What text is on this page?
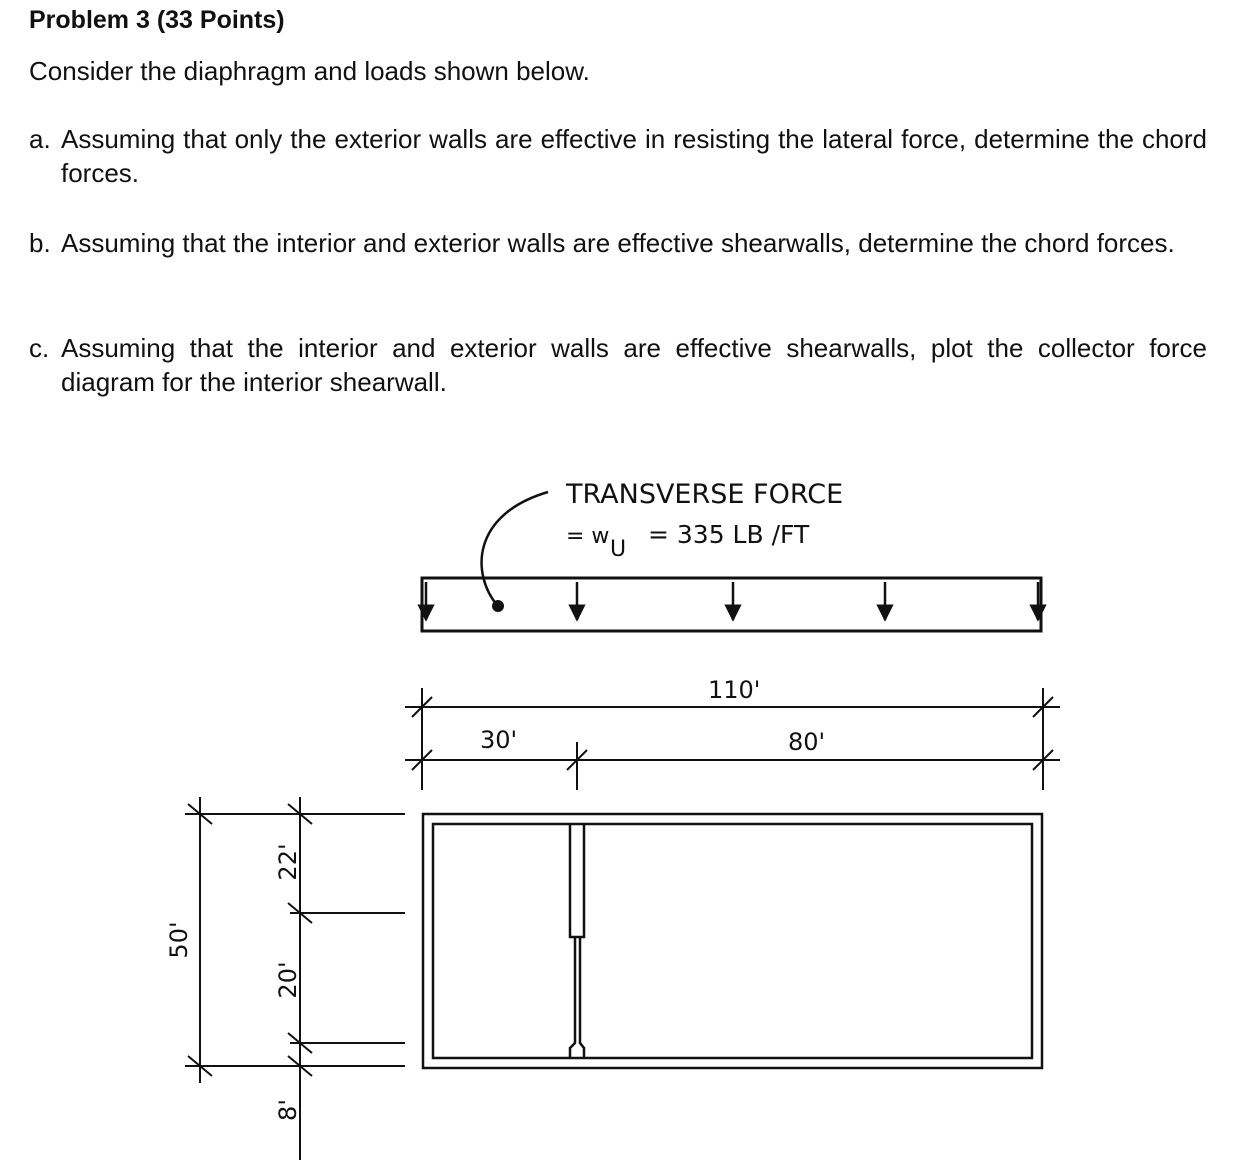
Problem 3 (33 Points)
Consider the diaphragm and loads shown below.
a. Assuming that only the exterior walls are effective in resisting the lateral force, determine the chord forces.
b. Assuming that the interior and exterior walls are effective shearwalls, determine the chord forces.
c. Assuming that the interior and exterior walls are effective shearwalls, plot the collector force diagram for the interior shearwall.
TRANSVERSE FORCE
= w
U
= 335 LB /FT
110'
30'	80'
50'
22'
20'
8'
